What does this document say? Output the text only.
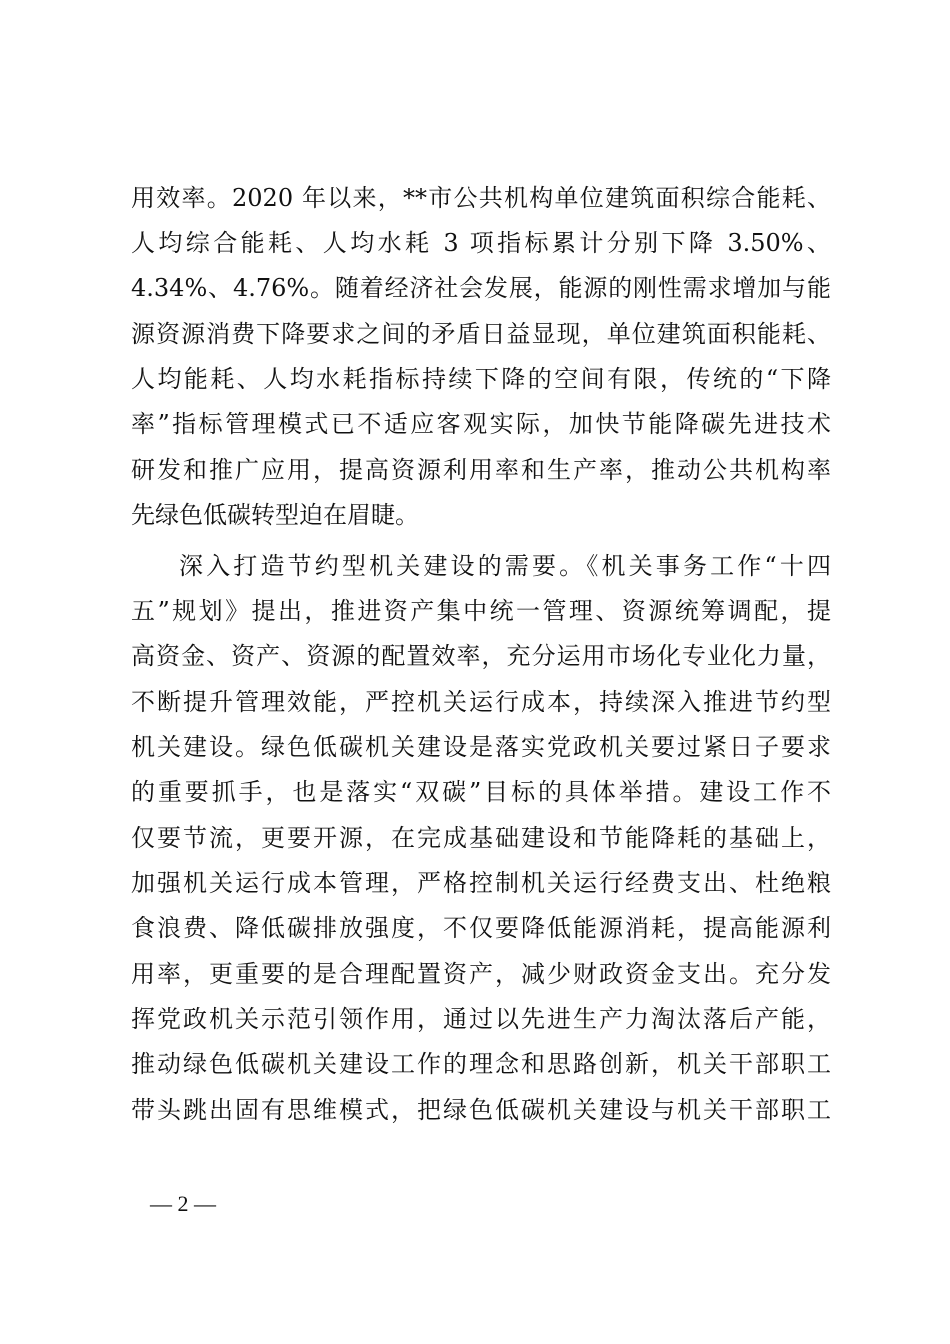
用效率。2020 年以来，**市公共机构单位建筑面积综合能耗、
人均综合能耗、人均水耗 3 项指标累计分别下降 3.50%、
4.34%、4.76%。随着经济社会发展，能源的刚性需求增加与能
源资源消费下降要求之间的矛盾日益显现，单位建筑面积能耗、
人均能耗、人均水耗指标持续下降的空间有限，传统的“下降
率”指标管理模式已不适应客观实际，加快节能降碳先进技术
研发和推广应用，提高资源利用率和生产率，推动公共机构率
先绿色低碳转型迫在眉睫。
深入打造节约型机关建设的需要。《机关事务工作“十四
五”规划》提出，推进资产集中统一管理、资源统筹调配，提
高资金、资产、资源的配置效率，充分运用市场化专业化力量，
不断提升管理效能，严控机关运行成本，持续深入推进节约型
机关建设。绿色低碳机关建设是落实党政机关要过紧日子要求
的重要抓手，也是落实“双碳”目标的具体举措。建设工作不
仅要节流，更要开源，在完成基础建设和节能降耗的基础上，
加强机关运行成本管理，严格控制机关运行经费支出、杜绝粮
食浪费、降低碳排放强度，不仅要降低能源消耗，提高能源利
用率，更重要的是合理配置资产，减少财政资金支出。充分发
挥党政机关示范引领作用，通过以先进生产力淘汰落后产能，
推动绿色低碳机关建设工作的理念和思路创新，机关干部职工
带头跳出固有思维模式，把绿色低碳机关建设与机关干部职工
— 2 —
